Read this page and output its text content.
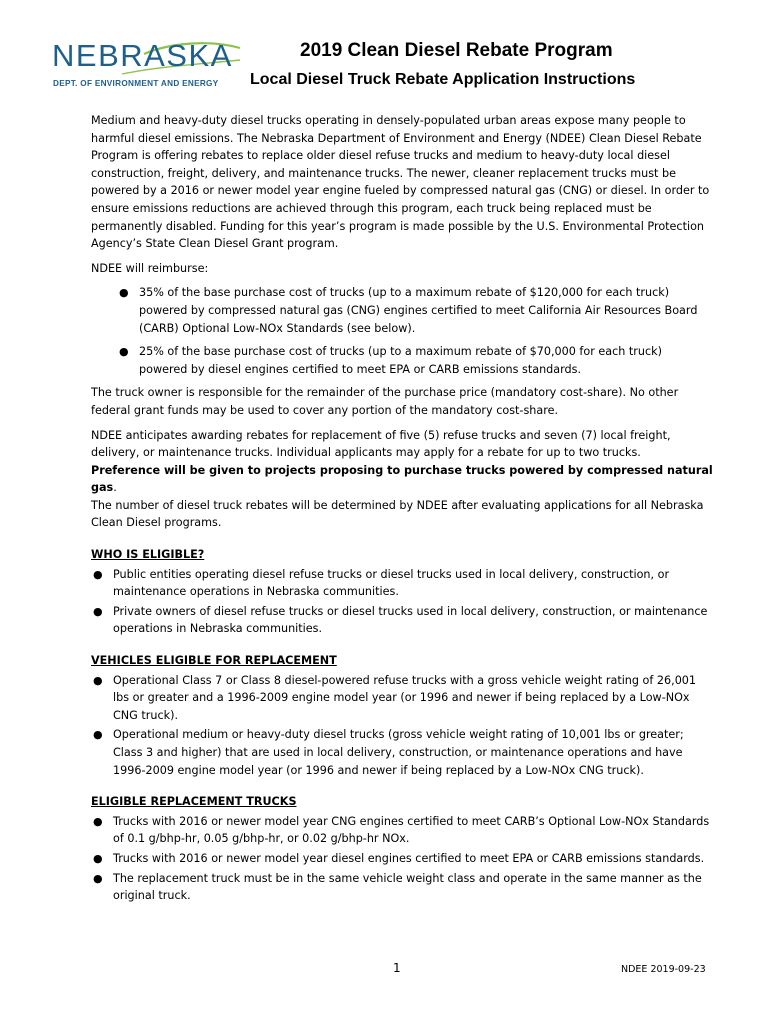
NEBRASKA
DEPT. OF ENVIRONMENT AND ENERGY
2019 Clean Diesel Rebate Program
Local Diesel Truck Rebate Application Instructions

Medium and heavy-duty diesel trucks operating in densely-populated urban areas expose many people to harmful diesel emissions. The Nebraska Department of Environment and Energy (NDEE) Clean Diesel Rebate Program is offering rebates to replace older diesel refuse trucks and medium to heavy-duty local diesel construction, freight, delivery, and maintenance trucks. The newer, cleaner replacement trucks must be powered by a 2016 or newer model year engine fueled by compressed natural gas (CNG) or diesel. In order to ensure emissions reductions are achieved through this program, each truck being replaced must be permanently disabled. Funding for this year’s program is made possible by the U.S. Environmental Protection Agency’s State Clean Diesel Grant program.

NDEE will reimburse:

● 35% of the base purchase cost of trucks (up to a maximum rebate of $120,000 for each truck) powered by compressed natural gas (CNG) engines certified to meet California Air Resources Board (CARB) Optional Low-NOx Standards (see below).
● 25% of the base purchase cost of trucks (up to a maximum rebate of $70,000 for each truck) powered by diesel engines certified to meet EPA or CARB emissions standards.

The truck owner is responsible for the remainder of the purchase price (mandatory cost-share). No other federal grant funds may be used to cover any portion of the mandatory cost-share.

NDEE anticipates awarding rebates for replacement of five (5) refuse trucks and seven (7) local freight, delivery, or maintenance trucks. Individual applicants may apply for a rebate for up to two trucks.
Preference will be given to projects proposing to purchase trucks powered by compressed natural gas.
The number of diesel truck rebates will be determined by NDEE after evaluating applications for all Nebraska Clean Diesel programs.

WHO IS ELIGIBLE?
● Public entities operating diesel refuse trucks or diesel trucks used in local delivery, construction, or maintenance operations in Nebraska communities.
● Private owners of diesel refuse trucks or diesel trucks used in local delivery, construction, or maintenance operations in Nebraska communities.
VEHICLES ELIGIBLE FOR REPLACEMENT
● Operational Class 7 or Class 8 diesel-powered refuse trucks with a gross vehicle weight rating of 26,001 lbs or greater and a 1996-2009 engine model year (or 1996 and newer if being replaced by a Low-NOx CNG truck).
● Operational medium or heavy-duty diesel trucks (gross vehicle weight rating of 10,001 lbs or greater; Class 3 and higher) that are used in local delivery, construction, or maintenance operations and have 1996-2009 engine model year (or 1996 and newer if being replaced by a Low-NOx CNG truck).
ELIGIBLE REPLACEMENT TRUCKS
● Trucks with 2016 or newer model year CNG engines certified to meet CARB’s Optional Low-NOx Standards of 0.1 g/bhp-hr, 0.05 g/bhp-hr, or 0.02 g/bhp-hr NOx.
● Trucks with 2016 or newer model year diesel engines certified to meet EPA or CARB emissions standards.
● The replacement truck must be in the same vehicle weight class and operate in the same manner as the original truck.
1	NDEE 2019-09-23
